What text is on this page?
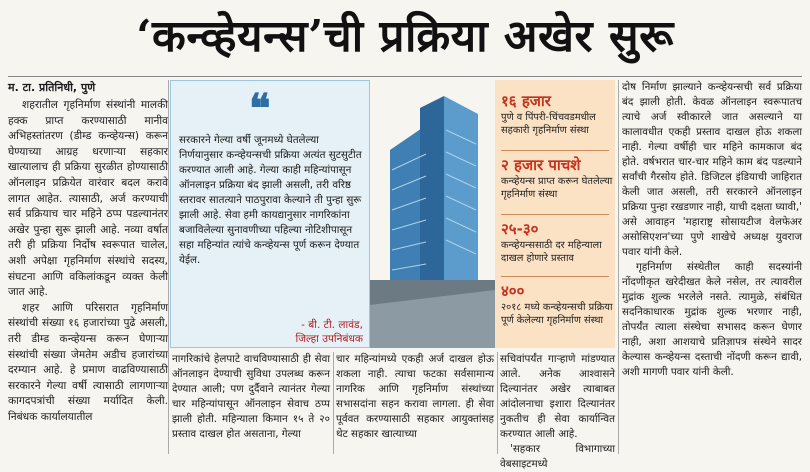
‘कन्व्हेयन्स’ची प्रक्रिया अखेर सुरू
म. टा. प्रतिनिधी, पुणे

शहरातील गृहनिर्माण संस्थांनी मालकी हक्क प्राप्त करण्यासाठी मानीव अभिहस्तांतरण (डीम्ड कन्व्हेयन्स) करून घेण्याच्या आग्रह धरणाऱ्या सहकार खात्यालाच ही प्रक्रिया सुरळीत होण्यासाठी ऑनलाइन प्रक्रियेत वारंवार बदल करावे लागत आहेत. त्यासाठी, अर्ज करण्याची सर्व प्रक्रियाच चार महिने ठप्प पडल्यानंतर अखेर पुन्हा सुरू झाली आहे. नव्या वर्षात तरी ही प्रक्रिया निर्दोष स्वरूपात चालेल, अशी अपेक्षा गृहनिर्माण संस्थांचे सदस्य, संघटना आणि वकिलांकडून व्यक्त केली जात आहे.

शहर आणि परिसरात गृहनिर्माण संस्थांची संख्या १६ हजारांच्या पुढे असली, तरी डीम्ड कन्व्हेयन्स करून घेणाऱ्या संस्थांची संख्या जेमतेम अडीच हजारांच्या दरम्यान आहे. हे प्रमाण वाढविण्यासाठी सरकारने गेल्या वर्षी त्यासाठी लागणाऱ्या कागदपत्रांची संख्या मर्यादित केली. निबंधक कार्यालयातील

❝
सरकारने गेल्या वर्षी जूनमध्ये घेतलेल्या निर्णयानुसार कन्व्हेयन्सची प्रक्रिया अत्यंत सुटसुटीत करण्यात आली आहे. गेल्या काही महिन्यांपासून ऑनलाइन प्रक्रिया बंद झाली असली, तरी वरिष्ठ स्तरावर सातत्याने पाठपुरावा केल्याने ती पुन्हा सुरू झाली आहे. सेवा हमी कायद्यानुसार नागरिकांना बजाविलेल्या सुनावणीच्या पहिल्या नोटिशीपासून सहा महिन्यांत त्यांचे कन्व्हेयन्स पूर्ण करून देण्यात येईल.
- बी. टी. लावंड,
जिल्हा उपनिबंधक
१६ हजार
पुणे व पिंपरी-चिंचवडमधील सहकारी गृहनिर्माण संस्था
२ हजार पाचशे
कन्व्हेयन्स प्राप्त करून घेतलेल्या गृहनिर्माण संस्था
२५-३०
कन्व्हेयन्ससाठी दर महिन्याला दाखल होणारे प्रस्ताव
४००
२०१८ मध्ये कन्व्हेयन्सची प्रक्रिया पूर्ण केलेल्या गृहनिर्माण संस्था

नागरिकांचे हेलपाटे वाचविण्यासाठी ही सेवा ऑनलाइन देण्याची सुविधा उपलब्ध करून देण्यात आली; पण दुर्दैवाने त्यानंतर गेल्या चार महिन्यांपासून ऑनलाइन सेवाच ठप्प झाली होती. महिन्याला किमान १५ ते २० प्रस्ताव दाखल होत असताना, गेल्या

चार महिन्यांमध्ये एकही अर्ज दाखल होऊ शकला नाही. त्याचा फटका सर्वसामान्य नागरिक आणि गृहनिर्माण संस्थांच्या सभासदांना सहन करावा लागला. ही सेवा पूर्ववत करण्यासाठी सहकार आयुक्तांसह थेट सहकार खात्याच्या

सचिवांपर्यंत गाऱ्हाणे मांडण्यात आले. अनेक आश्वासने दिल्यानंतर अखेर त्याबाबत आंदोलनाचा इशारा दिल्यानंतर नुकतीच ही सेवा कार्यान्वित करण्यात आली आहे.

'सहकार विभागाच्या वेबसाइटमध्ये

दोष निर्माण झाल्याने कन्व्हेयन्सची सर्व प्रक्रिया बंद झाली होती. केवळ ऑनलाइन स्वरूपातच त्याचे अर्ज स्वीकारले जात असल्याने या कालावधीत एकही प्रस्ताव दाखल होऊ शकला नाही. गेल्या वर्षीही चार महिने कामकाज बंद होते. वर्षभरात चार-चार महिने काम बंद पडल्याने सर्वांची गैरसोय होते. डिजिटल इंडियाची जाहिरात केली जात असली, तरी सरकारने ऑनलाइन प्रक्रिया पुन्हा रखडणार नाही, याची दक्षता घ्यावी,' असे आवाहन 'महाराष्ट्र सोसायटीज वेलफेअर असोसिएशन'च्या पुणे शाखेचे अध्यक्ष युवराज पवार यांनी केले.

गृहनिर्माण संस्थेतील काही सदस्यांनी नोंदणीकृत खरेदीखत केले नसेल, तर त्यावरील मुद्रांक शुल्क भरलेले नसते. त्यामुळे, संबंधित सदनिकाधारक मुद्रांक शुल्क भरणार नाही, तोपर्यंत त्याला संस्थेचा सभासद करून घेणार नाही, अशा आशयाचे प्रतिज्ञापत्र संस्थेने सादर केल्यास कन्व्हेयन्स दस्ताची नोंदणी करून द्यावी, अशी मागणी पवार यांनी केली.
